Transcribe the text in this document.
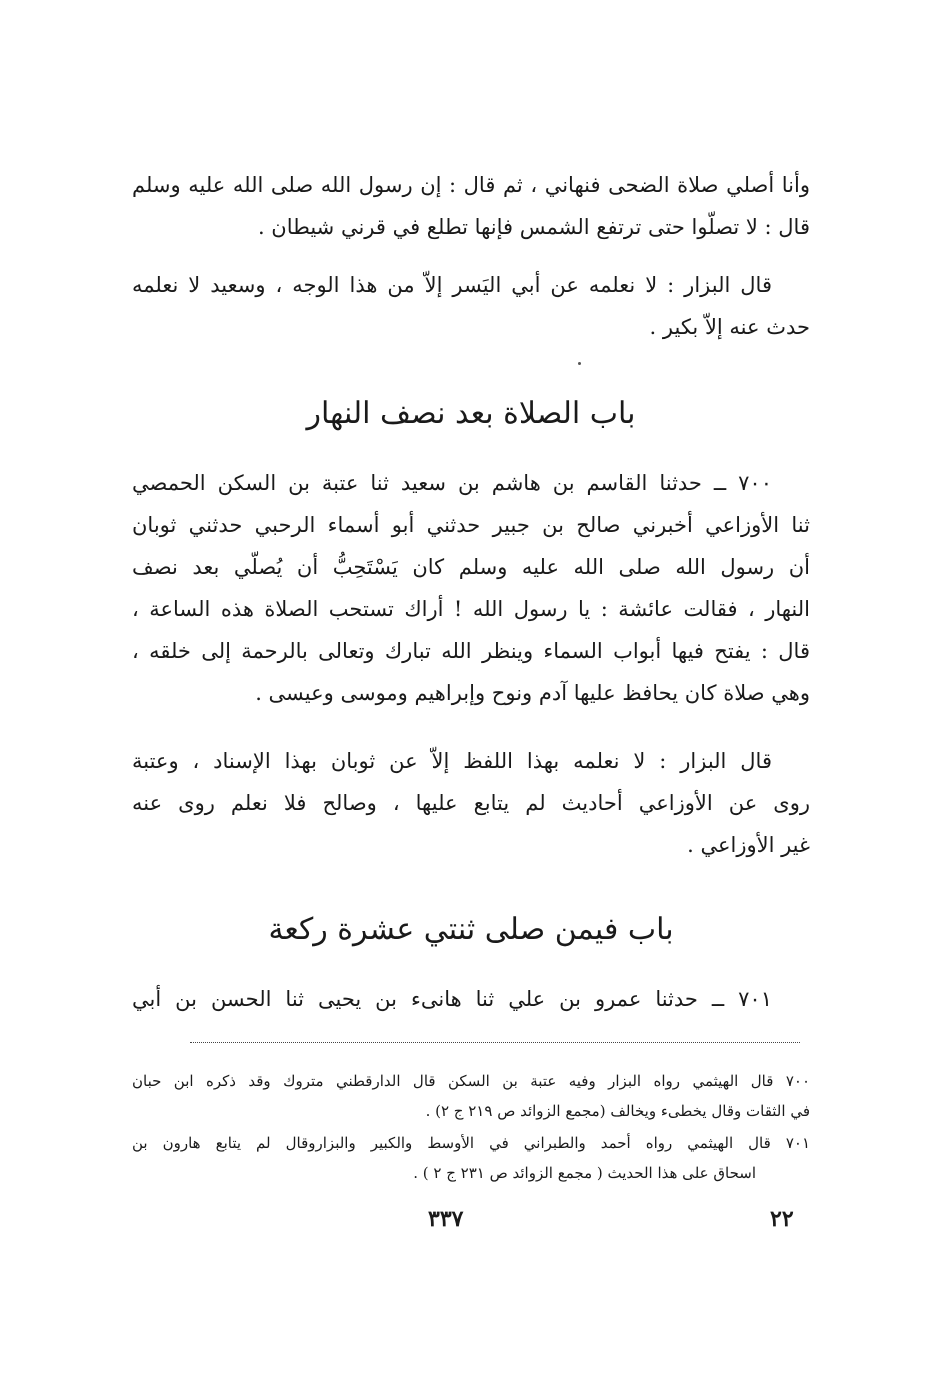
وأنا أصلي صلاة الضحى فنهاني ، ثم قال : إن رسول الله صلى الله عليه وسلم
قال : لا تصلّوا حتى ترتفع الشمس فإنها تطلع في قرني شيطان .
قال البزار : لا نعلمه عن أبي اليَسر إلاّ من هذا الوجه ، وسعيد لا نعلمه
حدث عنه إلاّ بكير .
باب الصلاة بعد نصف النهار
٧٠٠ ــ حدثنا القاسم بن هاشم بن سعيد ثنا عتبة بن السكن الحمصي
ثنا الأوزاعي أخبرني صالح بن جبير حدثني أبو أسماء الرحبي حدثني ثوبان
أن رسول الله صلى الله عليه وسلم كان يَسْتَحِبُّ أن يُصلّي بعد نصف
النهار ، فقالت عائشة : يا رسول الله ! أراك تستحب الصلاة هذه الساعة ،
قال : يفتح فيها أبواب السماء وينظر الله تبارك وتعالى بالرحمة إلى خلقه ،
وهي صلاة كان يحافظ عليها آدم ونوح وإبراهيم وموسى وعيسى .
قال البزار : لا نعلمه بهذا اللفظ إلاّ عن ثوبان بهذا الإسناد ، وعتبة
روى عن الأوزاعي أحاديث لم يتابع عليها ، وصالح فلا نعلم روى عنه
غير الأوزاعي .
باب فيمن صلى ثنتي عشرة ركعة
٧٠١ ــ حدثنا عمرو بن علي ثنا هانىء بن يحيى ثنا الحسن بن أبي
٧٠٠ قال الهيثمي رواه البزار وفيه عتبة بن السكن قال الدارقطني متروك وقد ذكره ابن حبان
في الثقات وقال يخطىء ويخالف (مجمع الزوائد ص ٢١٩ ج ٢) .
٧٠١ قال الهيثمي رواه أحمد والطبراني في الأوسط والكبير والبزاروقال لم يتابع هارون بن
اسحاق على هذا الحديث ( مجمع الزوائد ص ٢٣١ ج ٢ ) .
٣٣٧	٢٢
